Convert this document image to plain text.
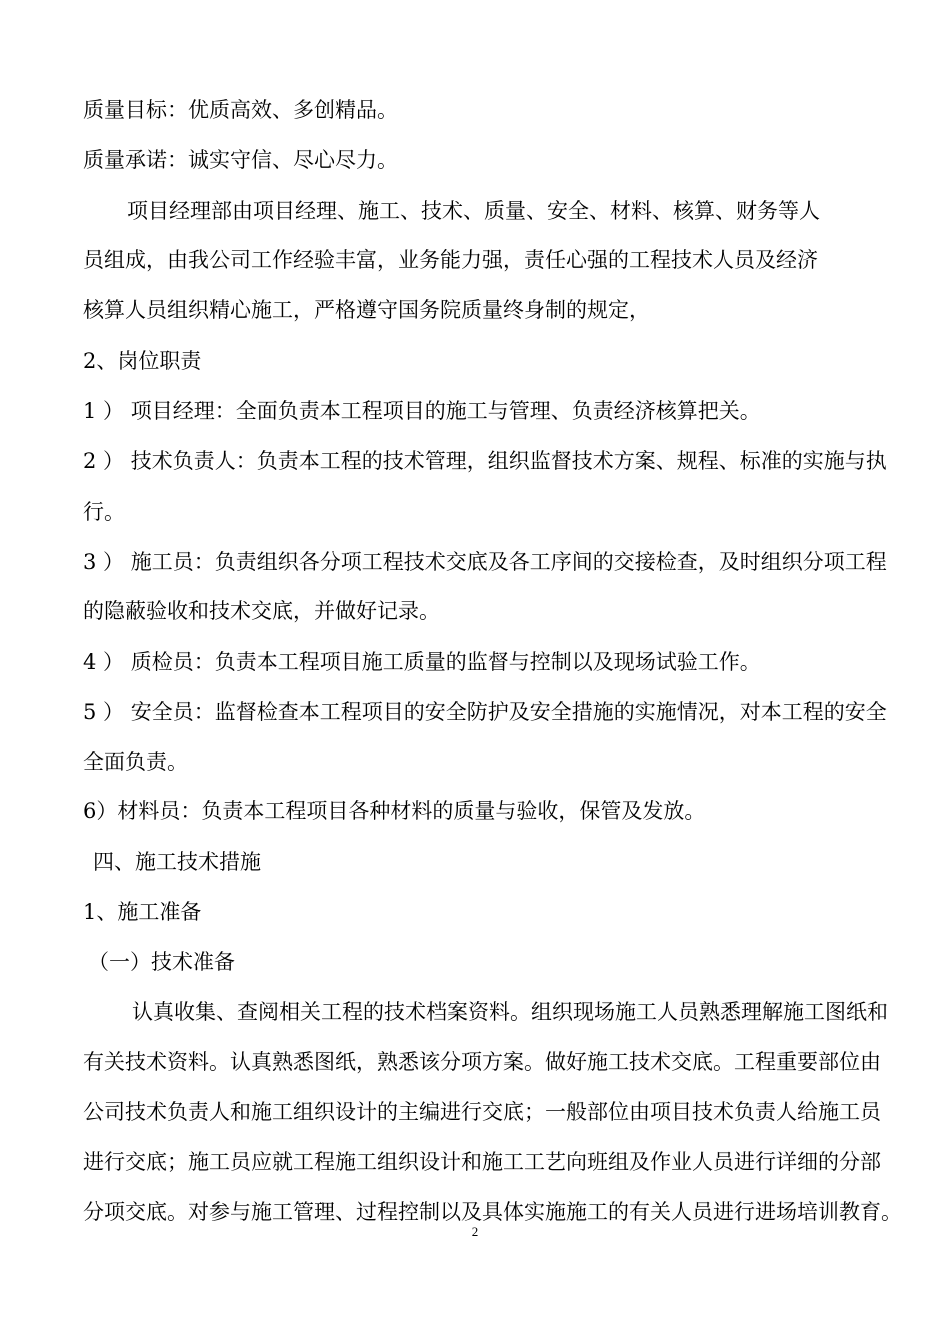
质量目标：优质高效、多创精品。
质量承诺：诚实守信、尽心尽力。
项目经理部由项目经理、施工、技术、质量、安全、材料、核算、财务等人
员组成，由我公司工作经验丰富，业务能力强，责任心强的工程技术人员及经济
核算人员组织精心施工，严格遵守国务院质量终身制的规定，
2、岗位职责
1 ） 项目经理：全面负责本工程项目的施工与管理、负责经济核算把关。
2 ） 技术负责人：负责本工程的技术管理，组织监督技术方案、规程、标准的实施与执
行。
3 ） 施工员：负责组织各分项工程技术交底及各工序间的交接检查，及时组织分项工程
的隐蔽验收和技术交底，并做好记录。
4 ） 质检员：负责本工程项目施工质量的监督与控制以及现场试验工作。
5 ） 安全员：监督检查本工程项目的安全防护及安全措施的实施情况，对本工程的安全
全面负责。
6）材料员：负责本工程项目各种材料的质量与验收，保管及发放。
四、施工技术措施
1、施工准备
（一）技术准备
认真收集、查阅相关工程的技术档案资料。组织现场施工人员熟悉理解施工图纸和
有关技术资料。认真熟悉图纸，熟悉该分项方案。做好施工技术交底。工程重要部位由
公司技术负责人和施工组织设计的主编进行交底；一般部位由项目技术负责人给施工员
进行交底；施工员应就工程施工组织设计和施工工艺向班组及作业人员进行详细的分部
分项交底。对参与施工管理、过程控制以及具体实施施工的有关人员进行进场培训教育。
2
